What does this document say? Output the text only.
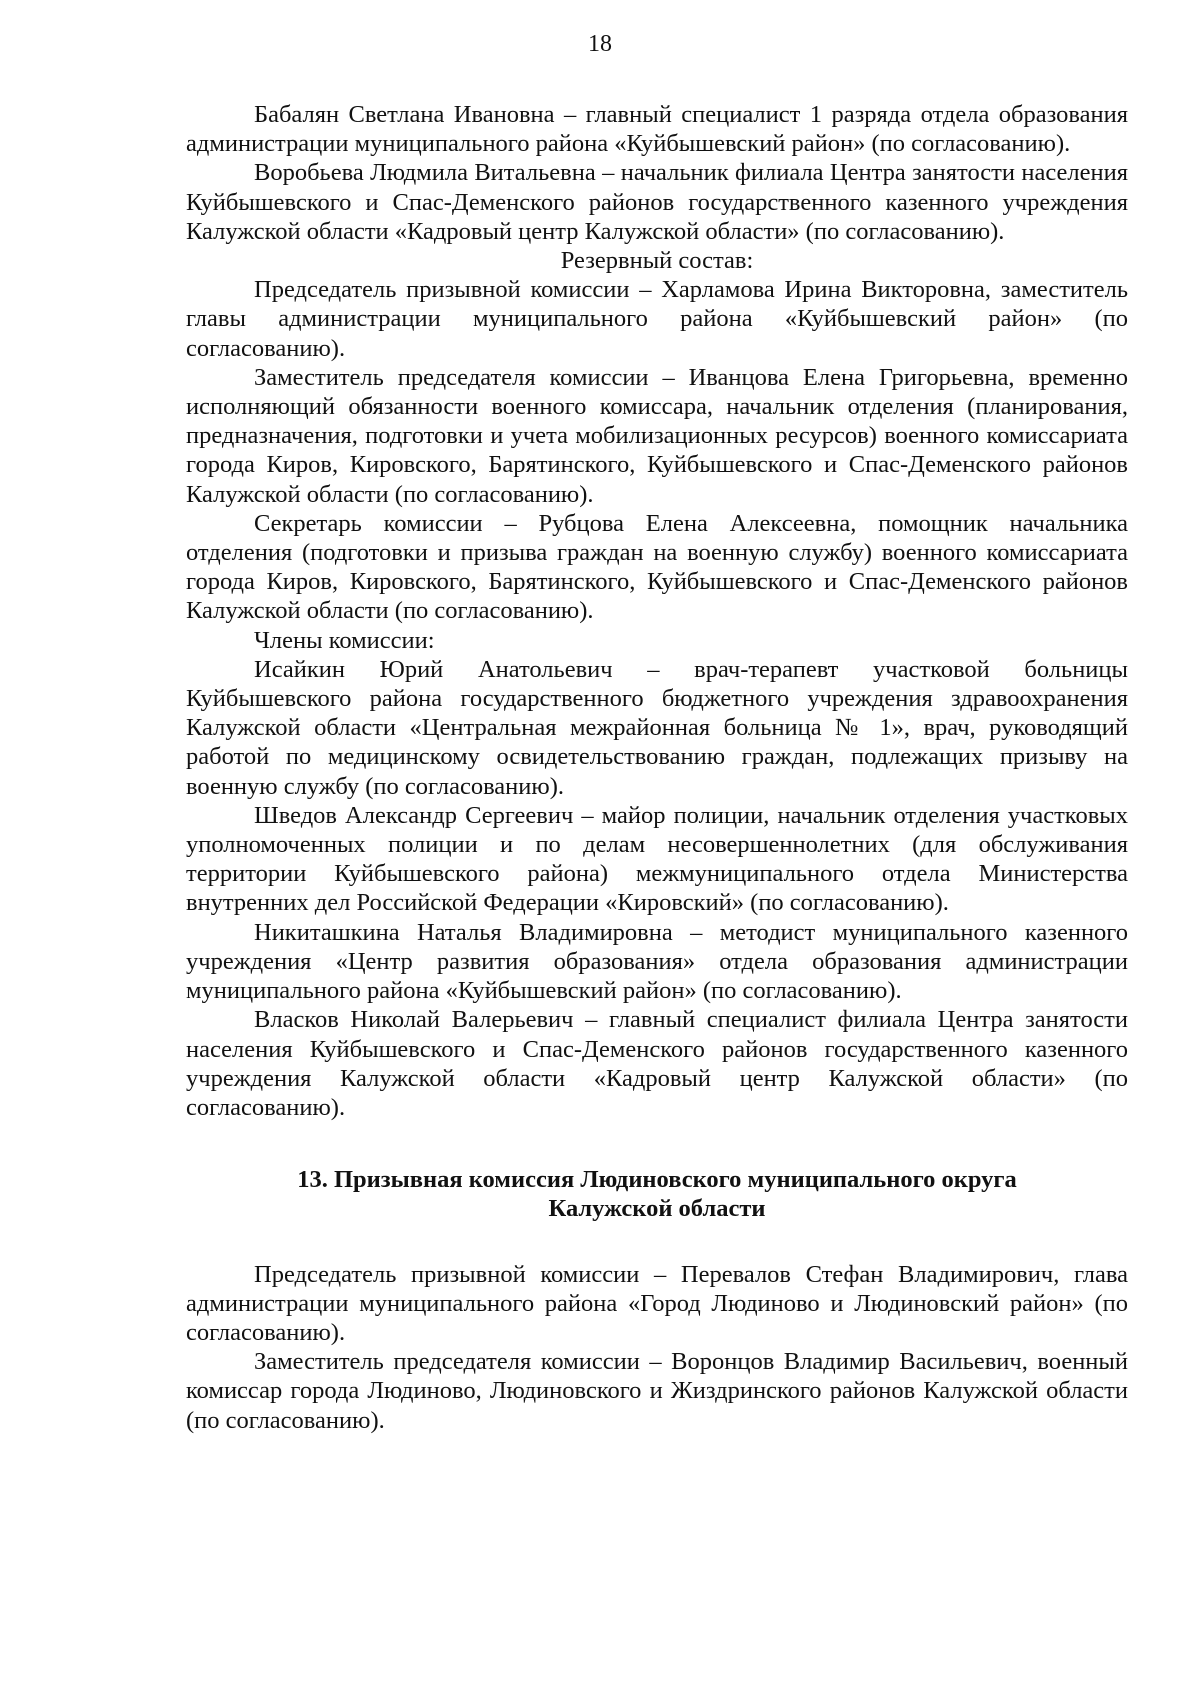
18

Бабалян Светлана Ивановна – главный специалист 1 разряда отдела образования администрации муниципального района «Куйбышевский район» (по согласованию).

Воробьева Людмила Витальевна – начальник филиала Центра занятости населения Куйбышевского и Спас-Деменского районов государственного казенного учреждения Калужской области «Кадровый центр Калужской области» (по согласованию).

Резервный состав:

Председатель призывной комиссии – Харламова Ирина Викторовна, заместитель главы администрации муниципального района «Куйбышевский район» (по согласованию).

Заместитель председателя комиссии – Иванцова Елена Григорьевна, временно исполняющий обязанности военного комиссара, начальник отделения (планирования, предназначения, подготовки и учета мобилизационных ресурсов) военного комиссариата города Киров, Кировского, Барятинского, Куйбышевского и Спас-Деменского районов Калужской области (по согласованию).

Секретарь комиссии – Рубцова Елена Алексеевна, помощник начальника отделения (подготовки и призыва граждан на военную службу) военного комиссариата города Киров, Кировского, Барятинского, Куйбышевского и Спас-Деменского районов Калужской области (по согласованию).

Члены комиссии:

Исайкин Юрий Анатольевич – врач-терапевт участковой больницы Куйбышевского района государственного бюджетного учреждения здравоохранения Калужской области «Центральная межрайонная больница № 1», врач, руководящий работой по медицинскому освидетельствованию граждан, подлежащих призыву на военную службу (по согласованию).

Шведов Александр Сергеевич – майор полиции, начальник отделения участковых уполномоченных полиции и по делам несовершеннолетних (для обслуживания территории Куйбышевского района) межмуниципального отдела Министерства внутренних дел Российской Федерации «Кировский» (по согласованию).

Никиташкина Наталья Владимировна – методист муниципального казенного учреждения «Центр развития образования» отдела образования администрации муниципального района «Куйбышевский район» (по согласованию).

Власков Николай Валерьевич – главный специалист филиала Центра занятости населения Куйбышевского и Спас-Деменского районов государственного казенного учреждения Калужской области «Кадровый центр Калужской области» (по согласованию).

13. Призывная комиссия Людиновского муниципального округа
Калужской области

Председатель призывной комиссии – Перевалов Стефан Владимирович, глава администрации муниципального района «Город Людиново и Людиновский район» (по согласованию).

Заместитель председателя комиссии – Воронцов Владимир Васильевич, военный комиссар города Людиново, Людиновского и Жиздринского районов Калужской области (по согласованию).
